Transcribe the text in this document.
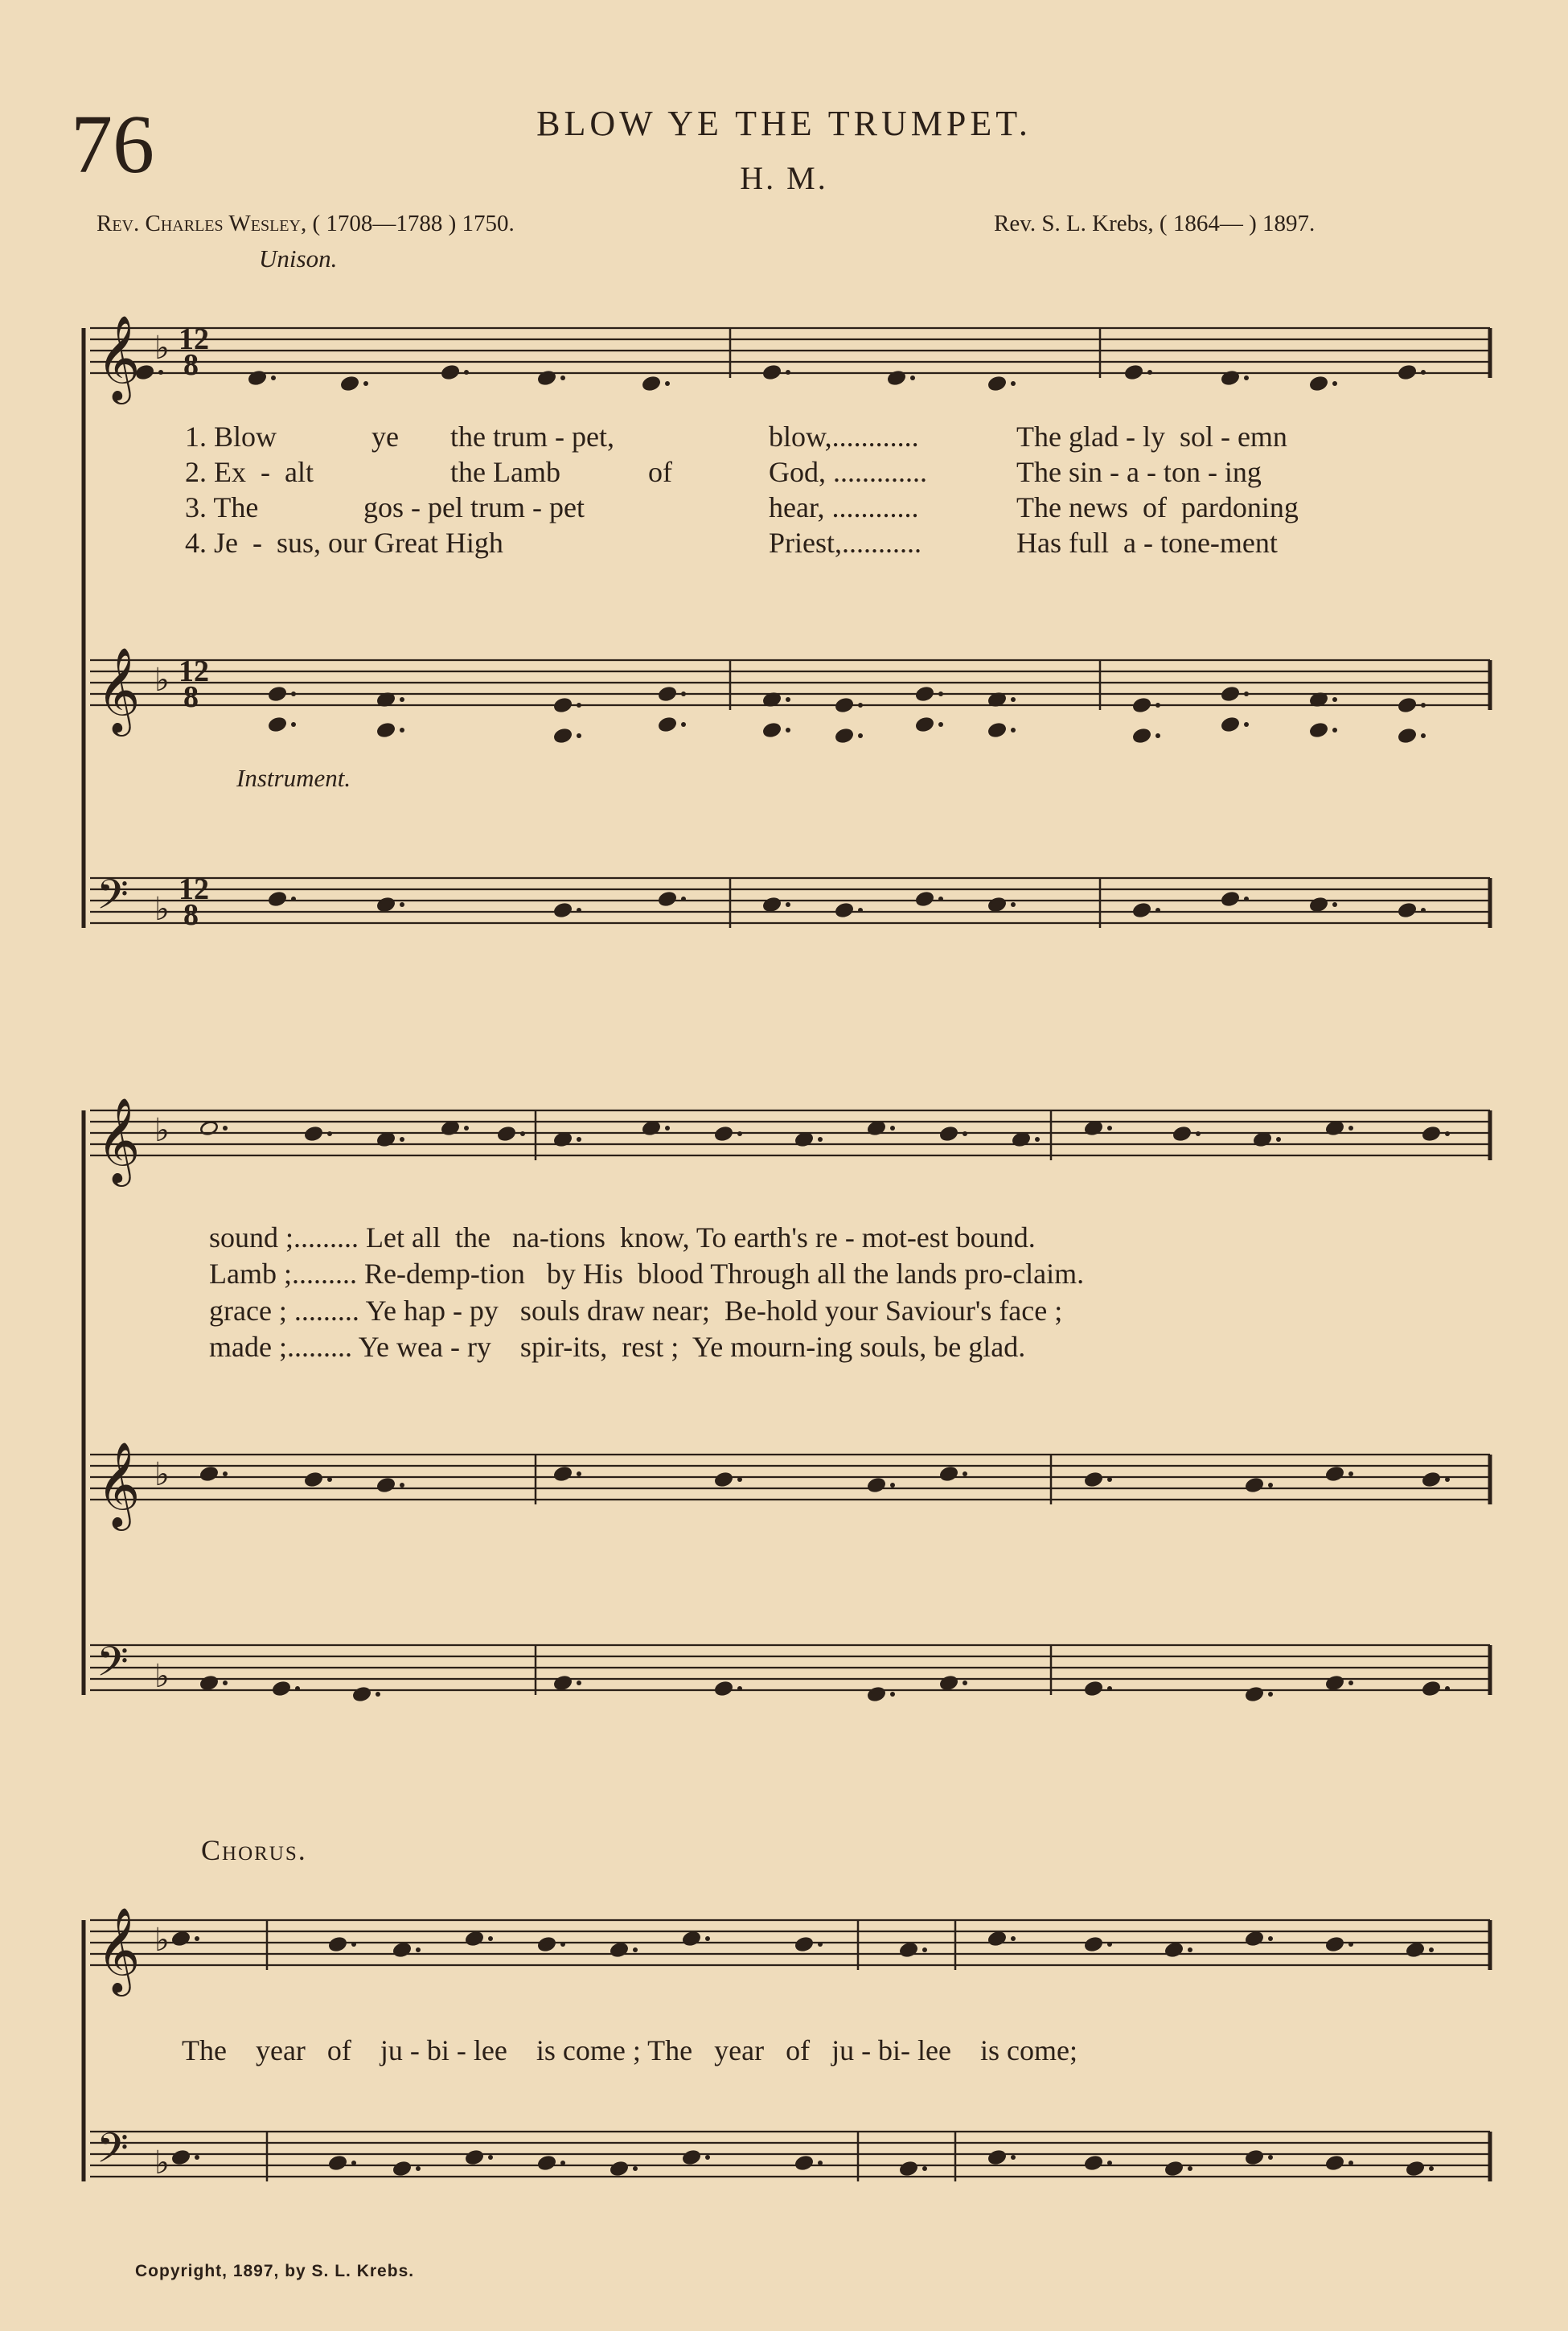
76	BLOW YE THE TRUMPET.
H. M.
Rev. Charles Wesley, ( 1708—1788 ) 1750.	Rev. S. L. Krebs, ( 1864— ) 1897.
Unison.
Instrument.
Chorus.
𝄞 ♭
𝄞 ♭
𝄢 ♭
𝄞 ♭
𝄞 ♭
𝄢 ♭
𝄞 ♭
𝄢 ♭
12
8
12
8
12
8
1. Blow	ye the trum - pet,	blow,............	The glad - ly  sol - emn
2. Ex  -  alt	the Lamb	of	God, .............	The sin - a - ton - ing
3. The	gos - pel trum - pet	hear, ............	The news  of  pardoning
4. Je  -  sus, our Great High	Priest,...........	Has full  a - tone-ment
sound ;......... Let all  the   na-tions  know, To earth's re - mot-est bound.
Lamb ;......... Re-demp-tion   by His  blood Through all the lands pro-claim.
grace ; ......... Ye hap - py   souls draw near;  Be-hold your Saviour's face ;
made ;......... Ye wea - ry    spir-its,  rest ;  Ye mourn-ing souls, be glad.
The    year   of    ju - bi - lee    is come ; The   year   of   ju - bi- lee    is come;
Copyright, 1897, by S. L. Krebs.
